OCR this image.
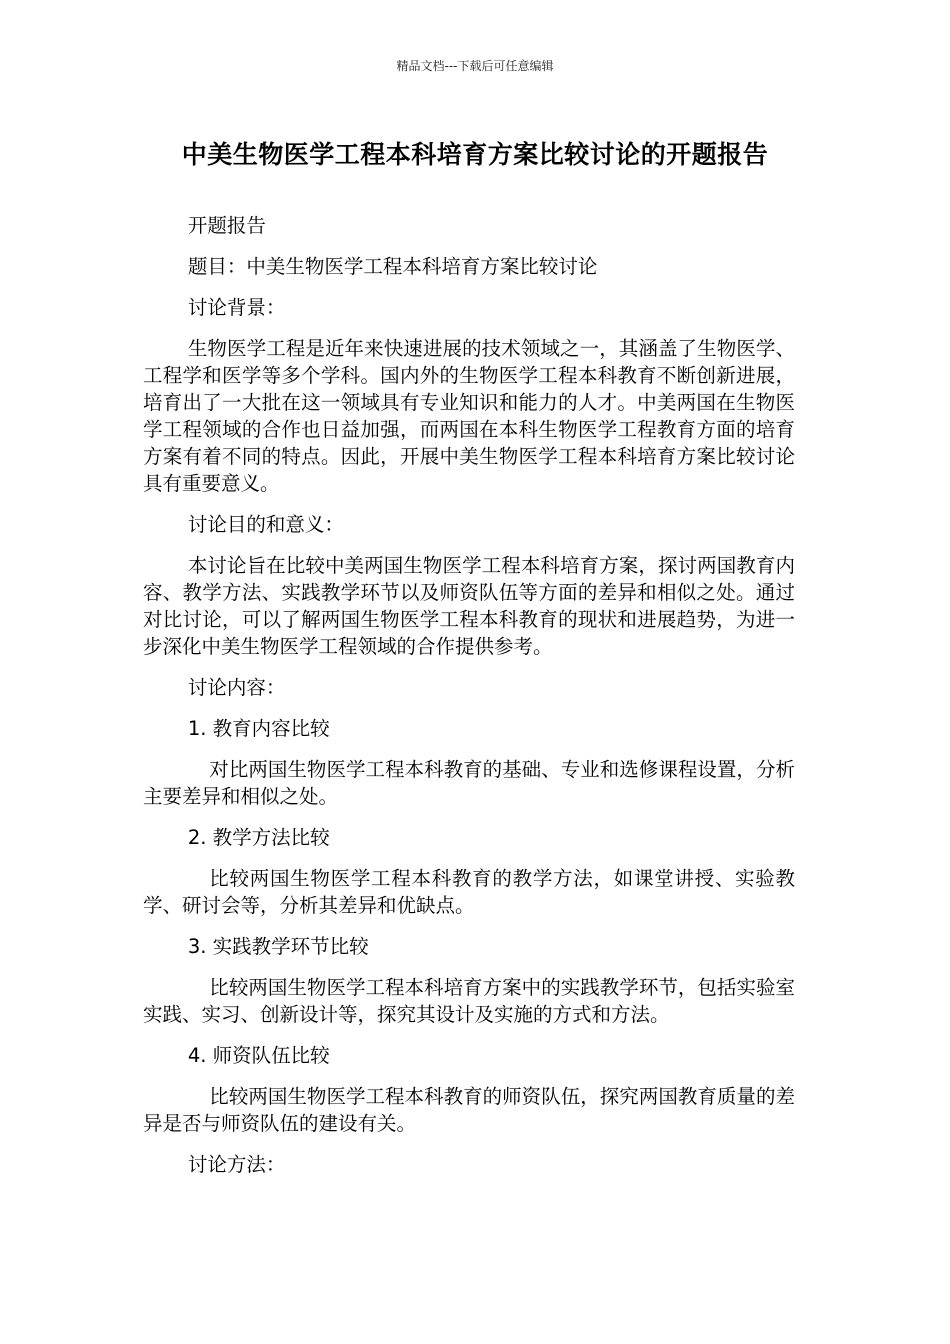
精品文档---下载后可任意编辑
中美生物医学工程本科培育方案比较讨论的开题报告

开题报告

题目：中美生物医学工程本科培育方案比较讨论

讨论背景：

生物医学工程是近年来快速进展的技术领域之一，其涵盖了生物医学、工程学和医学等多个学科。国内外的生物医学工程本科教育不断创新进展，培育出了一大批在这一领域具有专业知识和能力的人才。中美两国在生物医学工程领域的合作也日益加强，而两国在本科生物医学工程教育方面的培育方案有着不同的特点。因此，开展中美生物医学工程本科培育方案比较讨论具有重要意义。

讨论目的和意义：

本讨论旨在比较中美两国生物医学工程本科培育方案，探讨两国教育内容、教学方法、实践教学环节以及师资队伍等方面的差异和相似之处。通过对比讨论，可以了解两国生物医学工程本科教育的现状和进展趋势，为进一步深化中美生物医学工程领域的合作提供参考。

讨论内容：

1. 教育内容比较

对比两国生物医学工程本科教育的基础、专业和选修课程设置，分析主要差异和相似之处。

2. 教学方法比较

比较两国生物医学工程本科教育的教学方法，如课堂讲授、实验教学、研讨会等，分析其差异和优缺点。

3. 实践教学环节比较

比较两国生物医学工程本科培育方案中的实践教学环节，包括实验室实践、实习、创新设计等，探究其设计及实施的方式和方法。

4. 师资队伍比较

比较两国生物医学工程本科教育的师资队伍，探究两国教育质量的差异是否与师资队伍的建设有关。

讨论方法：
